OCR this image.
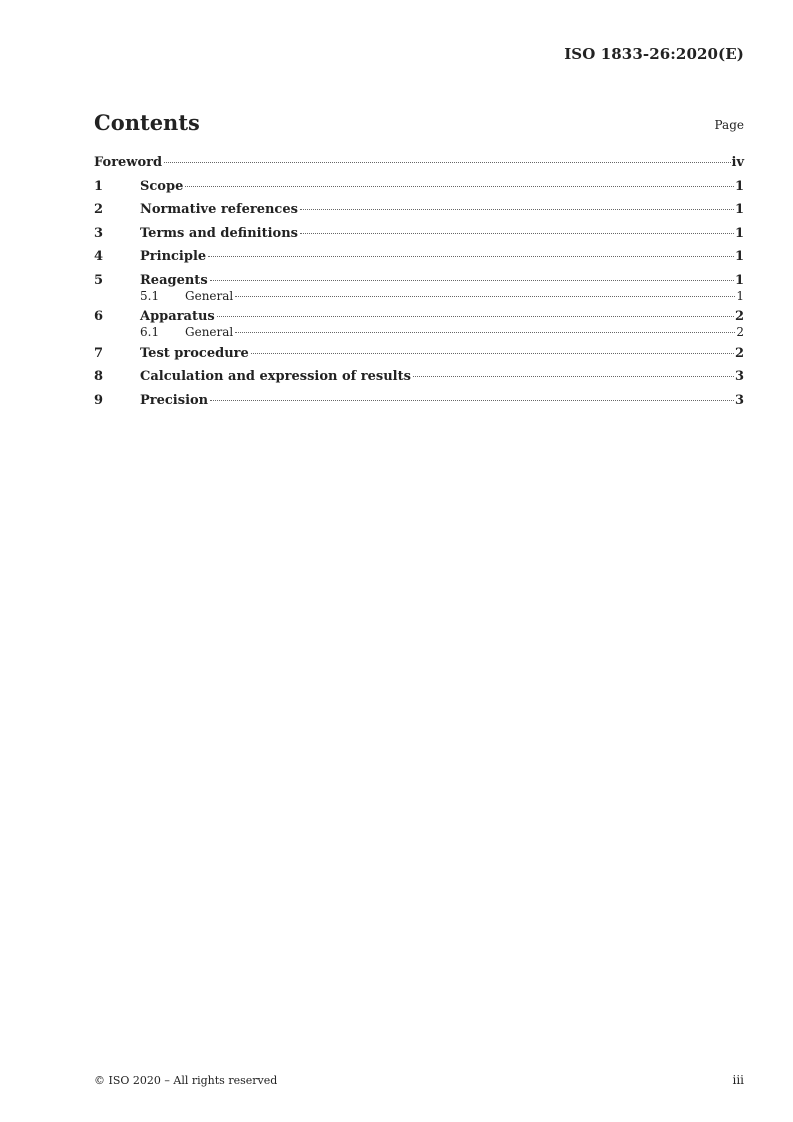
ISO 1833-26:2020(E)
Contents	Page
Foreword	iv
1	Scope	1
2	Normative references	1
3	Terms and definitions	1
4	Principle	1
5	Reagents	1
5.1	General	1
6	Apparatus	2
6.1	General	2
7	Test procedure	2
8	Calculation and expression of results	3
9	Precision	3
© ISO 2020 – All rights reserved	iii
